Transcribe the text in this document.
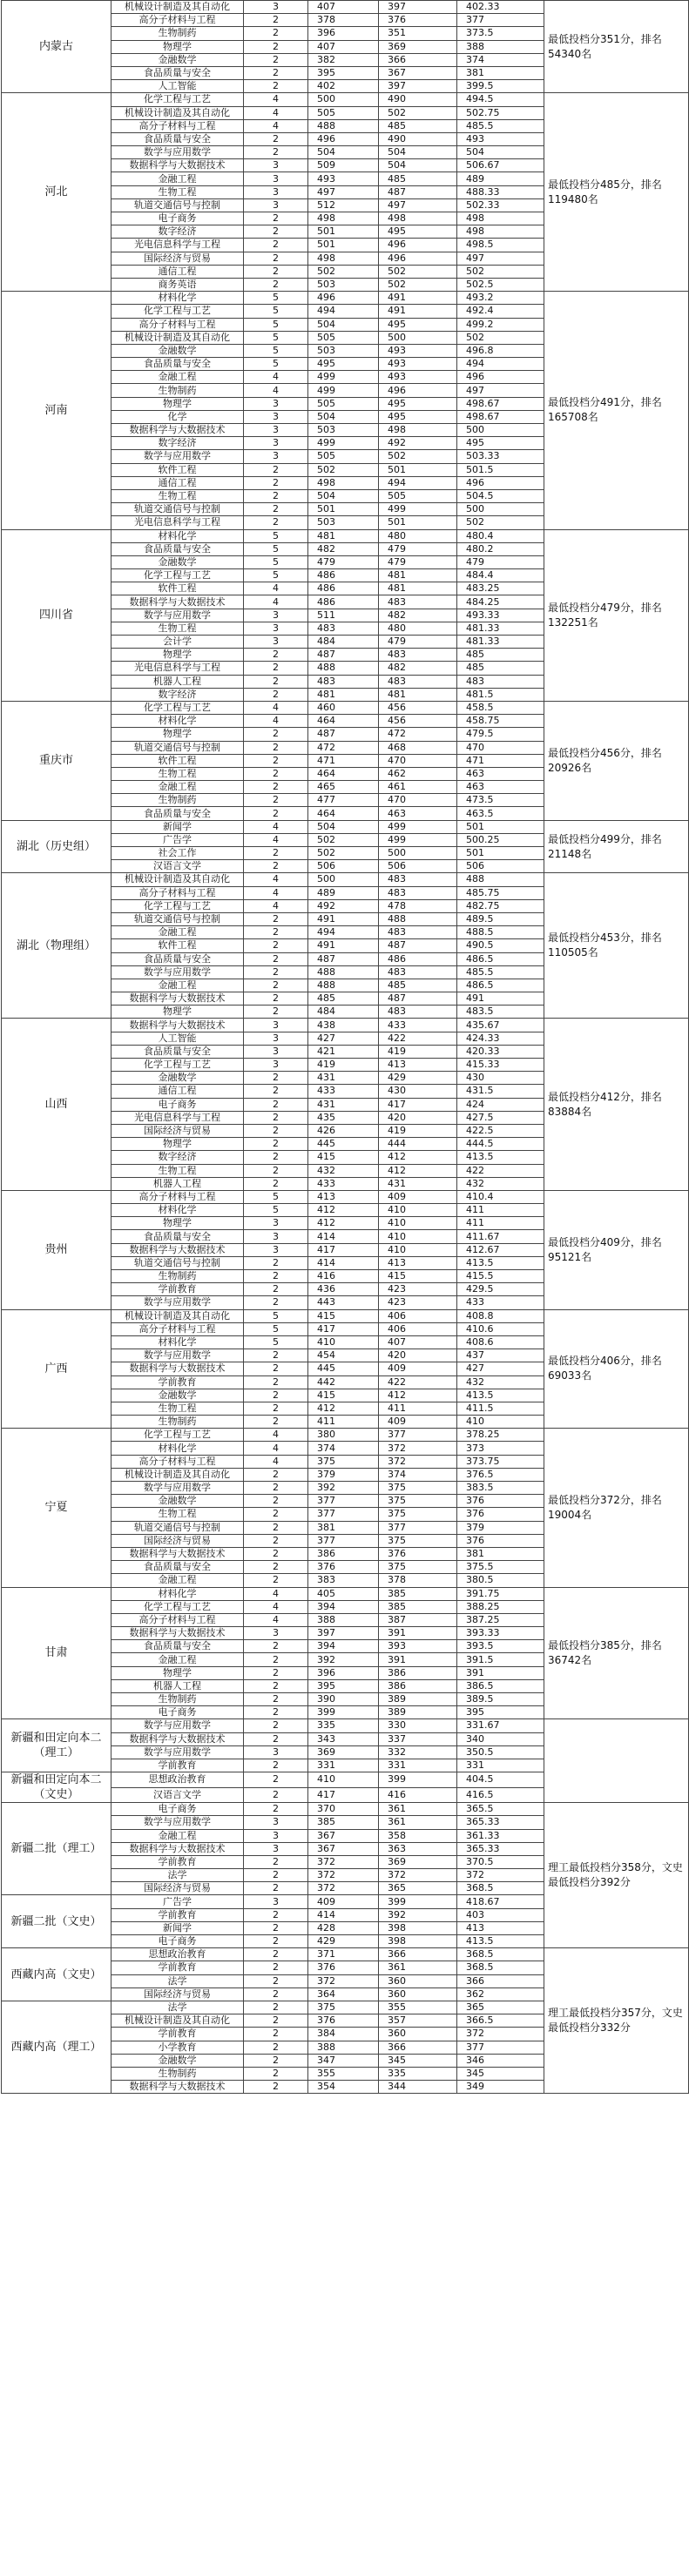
内蒙古	机械设计制造及其自动化	3	407	397	402.33	最低投档分351分，排名54340名
	高分子材料与工程	2	378	376	377	
	生物制药	2	396	351	373.5	
	物理学	2	407	369	388	
	金融数学	2	382	366	374	
	食品质量与安全	2	395	367	381	
	人工智能	2	402	397	399.5	
河北	化学工程与工艺	4	500	490	494.5	最低投档分485分，排名119480名
	机械设计制造及其自动化	4	505	502	502.75	
	高分子材料与工程	4	488	485	485.5	
	食品质量与安全	2	496	490	493	
	数学与应用数学	2	504	504	504	
	数据科学与大数据技术	3	509	504	506.67	
	金融工程	3	493	485	489	
	生物工程	3	497	487	488.33	
	轨道交通信号与控制	3	512	497	502.33	
	电子商务	2	498	498	498	
	数字经济	2	501	495	498	
	光电信息科学与工程	2	501	496	498.5	
	国际经济与贸易	2	498	496	497	
	通信工程	2	502	502	502	
	商务英语	2	503	502	502.5	
河南	材料化学	5	496	491	493.2	最低投档分491分，排名165708名
	化学工程与工艺	5	494	491	492.4	
	高分子材料与工程	5	504	495	499.2	
	机械设计制造及其自动化	5	505	500	502	
	金融数学	5	503	493	496.8	
	食品质量与安全	5	495	493	494	
	金融工程	4	499	493	496	
	生物制药	4	499	496	497	
	物理学	3	505	495	498.67	
	化学	3	504	495	498.67	
	数据科学与大数据技术	3	503	498	500	
	数字经济	3	499	492	495	
	数学与应用数学	3	505	502	503.33	
	软件工程	2	502	501	501.5	
	通信工程	2	498	494	496	
	生物工程	2	504	505	504.5	
	轨道交通信号与控制	2	501	499	500	
	光电信息科学与工程	2	503	501	502	
四川省	材料化学	5	481	480	480.4	最低投档分479分，排名132251名
	食品质量与安全	5	482	479	480.2	
	金融数学	5	479	479	479	
	化学工程与工艺	5	486	481	484.4	
	软件工程	4	486	481	483.25	
	数据科学与大数据技术	4	486	483	484.25	
	数学与应用数学	3	511	482	493.33	
	生物工程	3	483	480	481.33	
	会计学	3	484	479	481.33	
	物理学	2	487	483	485	
	光电信息科学与工程	2	488	482	485	
	机器人工程	2	483	483	483	
	数字经济	2	481	481	481.5	
重庆市	化学工程与工艺	4	460	456	458.5	最低投档分456分，排名20926名
	材料化学	4	464	456	458.75	
	物理学	2	487	472	479.5	
	轨道交通信号与控制	2	472	468	470	
	软件工程	2	471	470	471	
	生物工程	2	464	462	463	
	金融工程	2	465	461	463	
	生物制药	2	477	470	473.5	
	食品质量与安全	2	464	463	463.5	
湖北（历史组）	新闻学	4	504	499	501	最低投档分499分，排名21148名
	广告学	4	502	499	500.25	
	社会工作	2	502	500	501	
	汉语言文学	2	506	506	506	
湖北（物理组）	机械设计制造及其自动化	4	500	483	488	最低投档分453分，排名110505名
	高分子材料与工程	4	489	483	485.75	
	化学工程与工艺	4	492	478	482.75	
	轨道交通信号与控制	2	491	488	489.5	
	金融工程	2	494	483	488.5	
	软件工程	2	491	487	490.5	
	食品质量与安全	2	487	486	486.5	
	数学与应用数学	2	488	483	485.5	
	金融工程	2	488	485	486.5	
	数据科学与大数据技术	2	485	487	491	
	物理学	2	484	483	483.5	
山西	数据科学与大数据技术	3	438	433	435.67	最低投档分412分，排名83884名
	人工智能	3	427	422	424.33	
	食品质量与安全	3	421	419	420.33	
	化学工程与工艺	3	419	413	415.33	
	金融数学	2	431	429	430	
	通信工程	2	433	430	431.5	
	电子商务	2	431	417	424	
	光电信息科学与工程	2	435	420	427.5	
	国际经济与贸易	2	426	419	422.5	
	物理学	2	445	444	444.5	
	数字经济	2	415	412	413.5	
	生物工程	2	432	412	422	
	机器人工程	2	433	431	432	
贵州	高分子材料与工程	5	413	409	410.4	最低投档分409分，排名95121名
	材料化学	5	412	410	411	
	物理学	3	412	410	411	
	食品质量与安全	3	414	410	411.67	
	数据科学与大数据技术	3	417	410	412.67	
	轨道交通信号与控制	2	414	413	413.5	
	生物制药	2	416	415	415.5	
	学前教育	2	436	423	429.5	
	数学与应用数学	2	443	423	433	
广西	机械设计制造及其自动化	5	415	406	408.8	最低投档分406分，排名69033名
	高分子材料与工程	5	417	406	410.6	
	材料化学	5	410	407	408.6	
	数学与应用数学	2	454	420	437	
	数据科学与大数据技术	2	445	409	427	
	学前教育	2	442	422	432	
	金融数学	2	415	412	413.5	
	生物工程	2	412	411	411.5	
	生物制药	2	411	409	410	
宁夏	化学工程与工艺	4	380	377	378.25	最低投档分372分，排名19004名
	材料化学	4	374	372	373	
	高分子材料与工程	4	375	372	373.75	
	机械设计制造及其自动化	2	379	374	376.5	
	数学与应用数学	2	392	375	383.5	
	金融数学	2	377	375	376	
	生物工程	2	377	375	376	
	轨道交通信号与控制	2	381	377	379	
	国际经济与贸易	2	377	375	376	
	数据科学与大数据技术	2	386	376	381	
	食品质量与安全	2	376	375	375.5	
	金融工程	2	383	378	380.5	
甘肃	材料化学	4	405	385	391.75	最低投档分385分，排名36742名
	化学工程与工艺	4	394	385	388.25	
	高分子材料与工程	4	388	387	387.25	
	数据科学与大数据技术	3	397	391	393.33	
	食品质量与安全	2	394	393	393.5	
	金融工程	2	392	391	391.5	
	物理学	2	396	386	391	
	机器人工程	2	395	386	386.5	
	生物制药	2	390	389	389.5	
	电子商务	2	399	389	395	
新疆和田定向本二（理工）	数学与应用数学	2	335	330	331.67	
	数据科学与大数据技术	2	343	337	340	
	数学与应用数学	3	369	332	350.5	
	学前教育	2	331	331	331	
新疆和田定向本二（文史）	思想政治教育	2	410	399	404.5	
	汉语言文学	2	417	416	416.5	
新疆二批（理工）	电子商务	2	370	361	365.5	理工最低投档分358分，文史最低投档分392分
	数学与应用数学	3	385	361	365.33	
	金融工程	3	367	358	361.33	
	数据科学与大数据技术	3	367	363	365.33	
	学前教育	2	372	369	370.5	
	法学	2	372	372	372	
	国际经济与贸易	2	372	365	368.5	
新疆二批（文史）	广告学	3	409	399	418.67	
	学前教育	2	414	392	403	
	新闻学	2	428	398	413	
	电子商务	2	429	398	413.5	
西藏内高（文史）	思想政治教育	2	371	366	368.5	理工最低投档分357分，文史最低投档分332分
	学前教育	2	376	361	368.5	
	法学	2	372	360	366	
	国际经济与贸易	2	364	360	362	
西藏内高（理工）	法学	2	375	355	365	
	机械设计制造及其自动化	2	376	357	366.5	
	学前教育	2	384	360	372	
	小学教育	2	388	366	377	
	金融数学	2	347	345	346	
	生物制药	2	355	335	345	
	数据科学与大数据技术	2	354	344	349	
